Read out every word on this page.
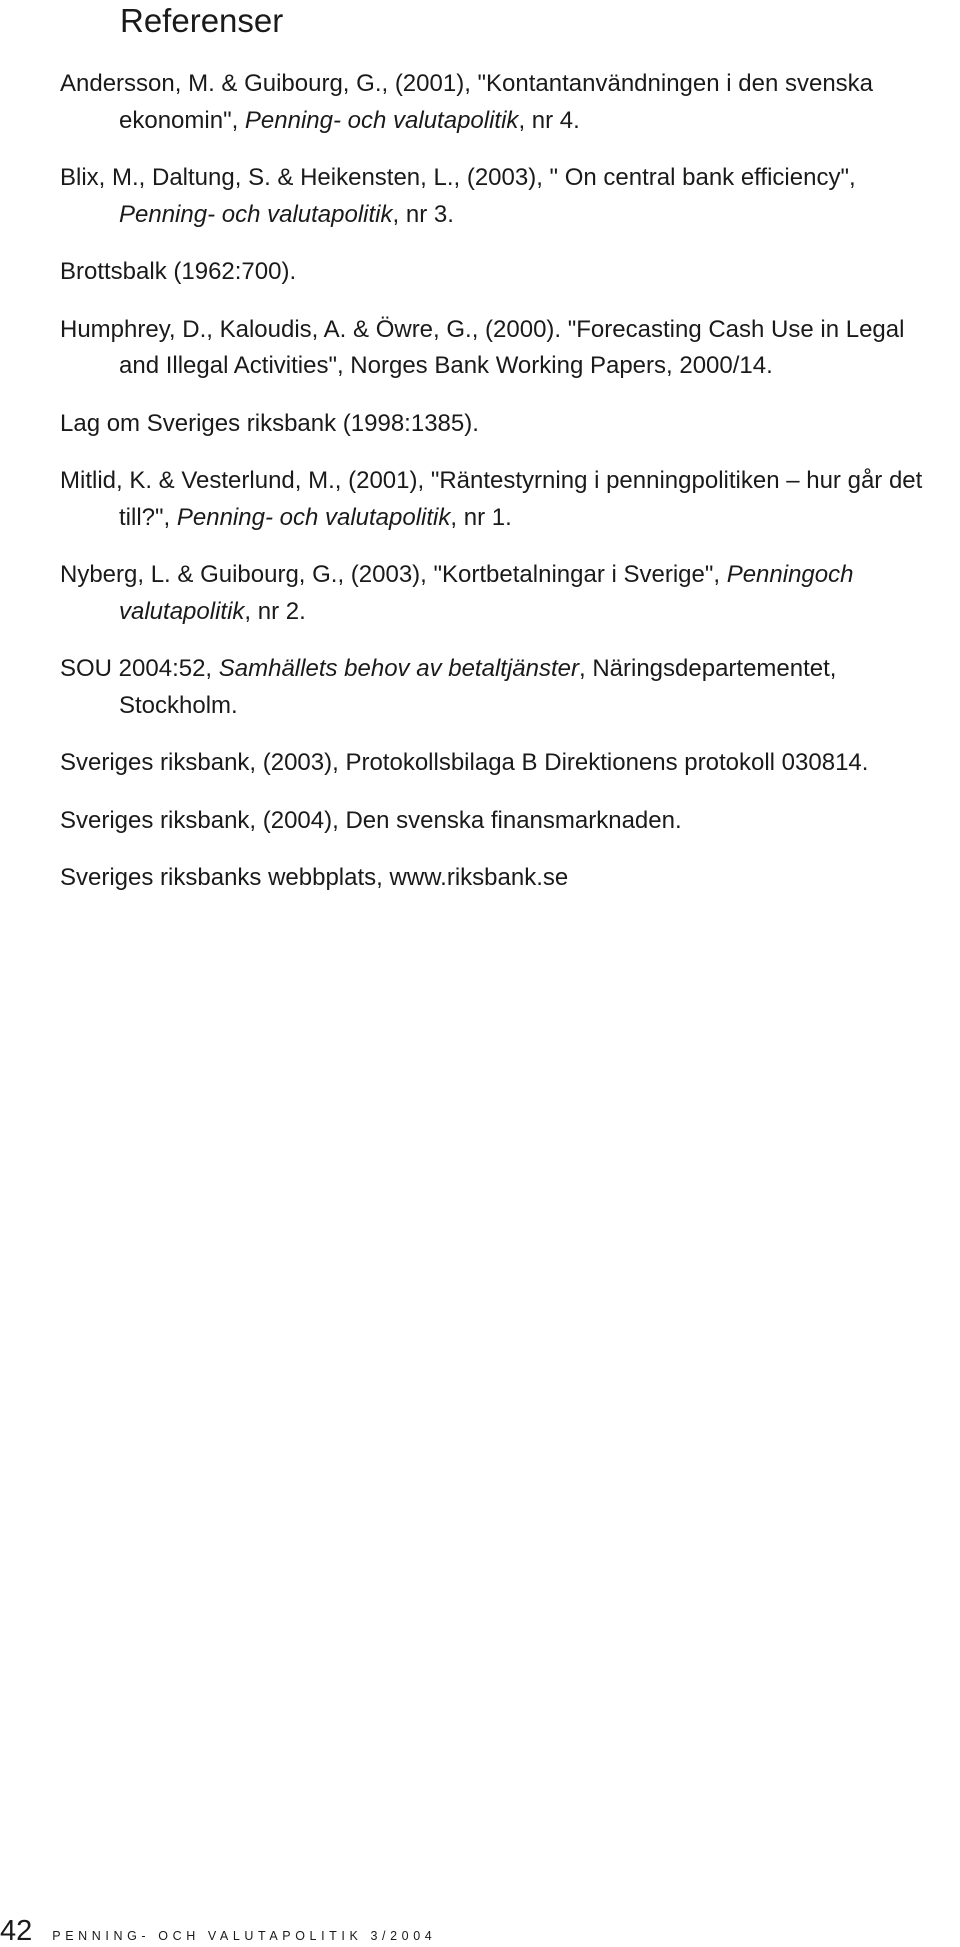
Referenser
Andersson, M. & Guibourg, G., (2001), "Kontantanvändningen i den svenska ekonomin", Penning- och valutapolitik, nr 4.
Blix, M., Daltung, S. & Heikensten, L., (2003), " On central bank efficiency", Penning- och valutapolitik, nr 3.
Brottsbalk (1962:700).
Humphrey, D., Kaloudis, A. & Öwre, G., (2000). "Forecasting Cash Use in Legal and Illegal Activities", Norges Bank Working Papers, 2000/14.
Lag om Sveriges riksbank (1998:1385).
Mitlid, K. & Vesterlund, M., (2001), "Räntestyrning i penningpolitiken – hur går det till?", Penning- och valutapolitik, nr 1.
Nyberg, L. & Guibourg, G., (2003), "Kortbetalningar i Sverige", Penningoch valutapolitik, nr 2.
SOU 2004:52, Samhällets behov av betaltjänster, Näringsdepartementet, Stockholm.
Sveriges riksbank, (2003), Protokollsbilaga B Direktionens protokoll 030814.
Sveriges riksbank, (2004), Den svenska finansmarknaden.
Sveriges riksbanks webbplats, www.riksbank.se
42 PENNING- OCH VALUTAPOLITIK 3/2004
